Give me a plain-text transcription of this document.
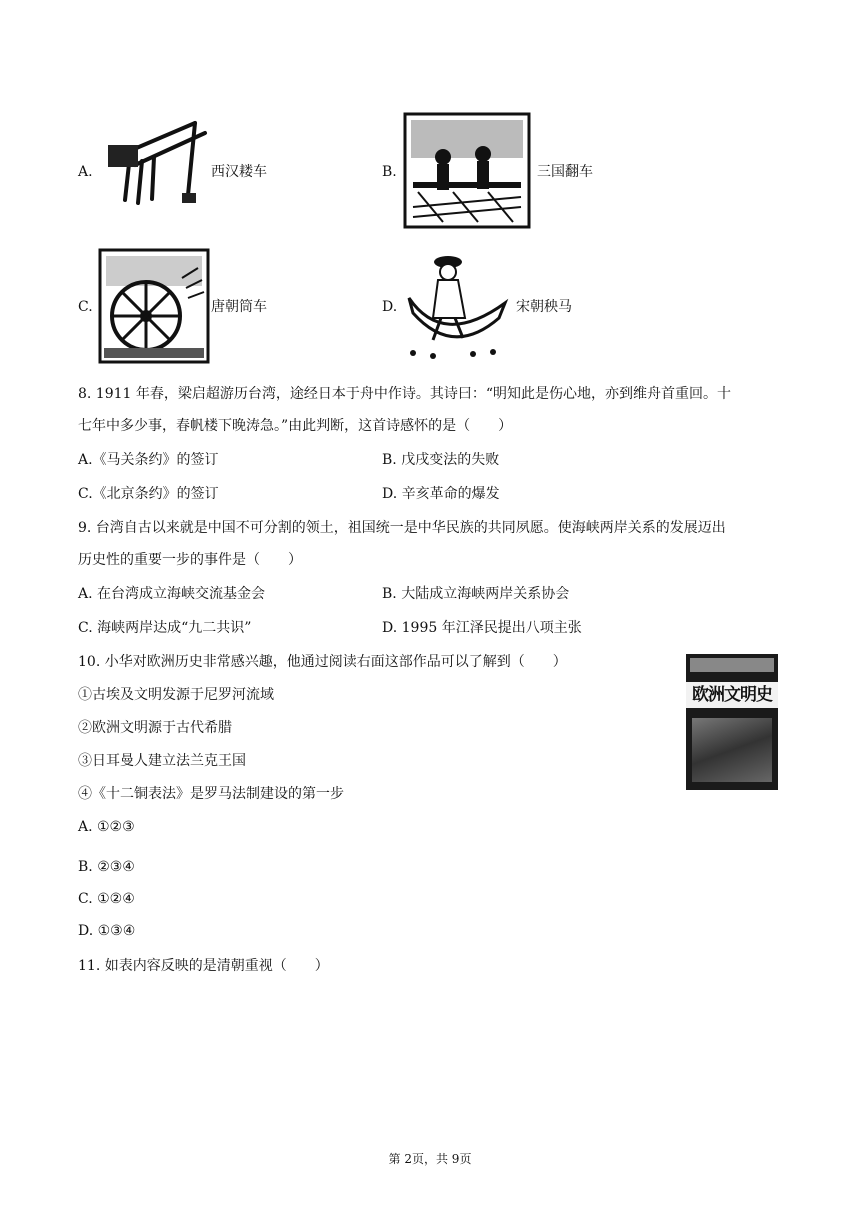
A.	西汉耧车	B.	三国翻车
C.	唐朝筒车	D.	宋朝秧马
8. 1911 年春，梁启超游历台湾，途经日本于舟中作诗。其诗曰：“明知此是伤心地，亦到维舟首重回。十
七年中多少事，春帆楼下晚涛急。”由此判断，这首诗感怀的是（　　）
A.《马关条约》的签订	B. 戊戌变法的失败
C.《北京条约》的签订	D. 辛亥革命的爆发
9. 台湾自古以来就是中国不可分割的领土，祖国统一是中华民族的共同夙愿。使海峡两岸关系的发展迈出
历史性的重要一步的事件是（　　）
A. 在台湾成立海峡交流基金会	B. 大陆成立海峡两岸关系协会
C. 海峡两岸达成“九二共识”	D. 1995 年江泽民提出八项主张
10. 小华对欧洲历史非常感兴趣，他通过阅读右面这部作品可以了解到（　　）
①古埃及文明发源于尼罗河流域
②欧洲文明源于古代希腊
③日耳曼人建立法兰克王国
④《十二铜表法》是罗马法制建设的第一步
A. ①②③
B. ②③④
C. ①②④
D. ①③④
欧洲文明史
11. 如表内容反映的是清朝重视（　　）
第 2页，共 9页
